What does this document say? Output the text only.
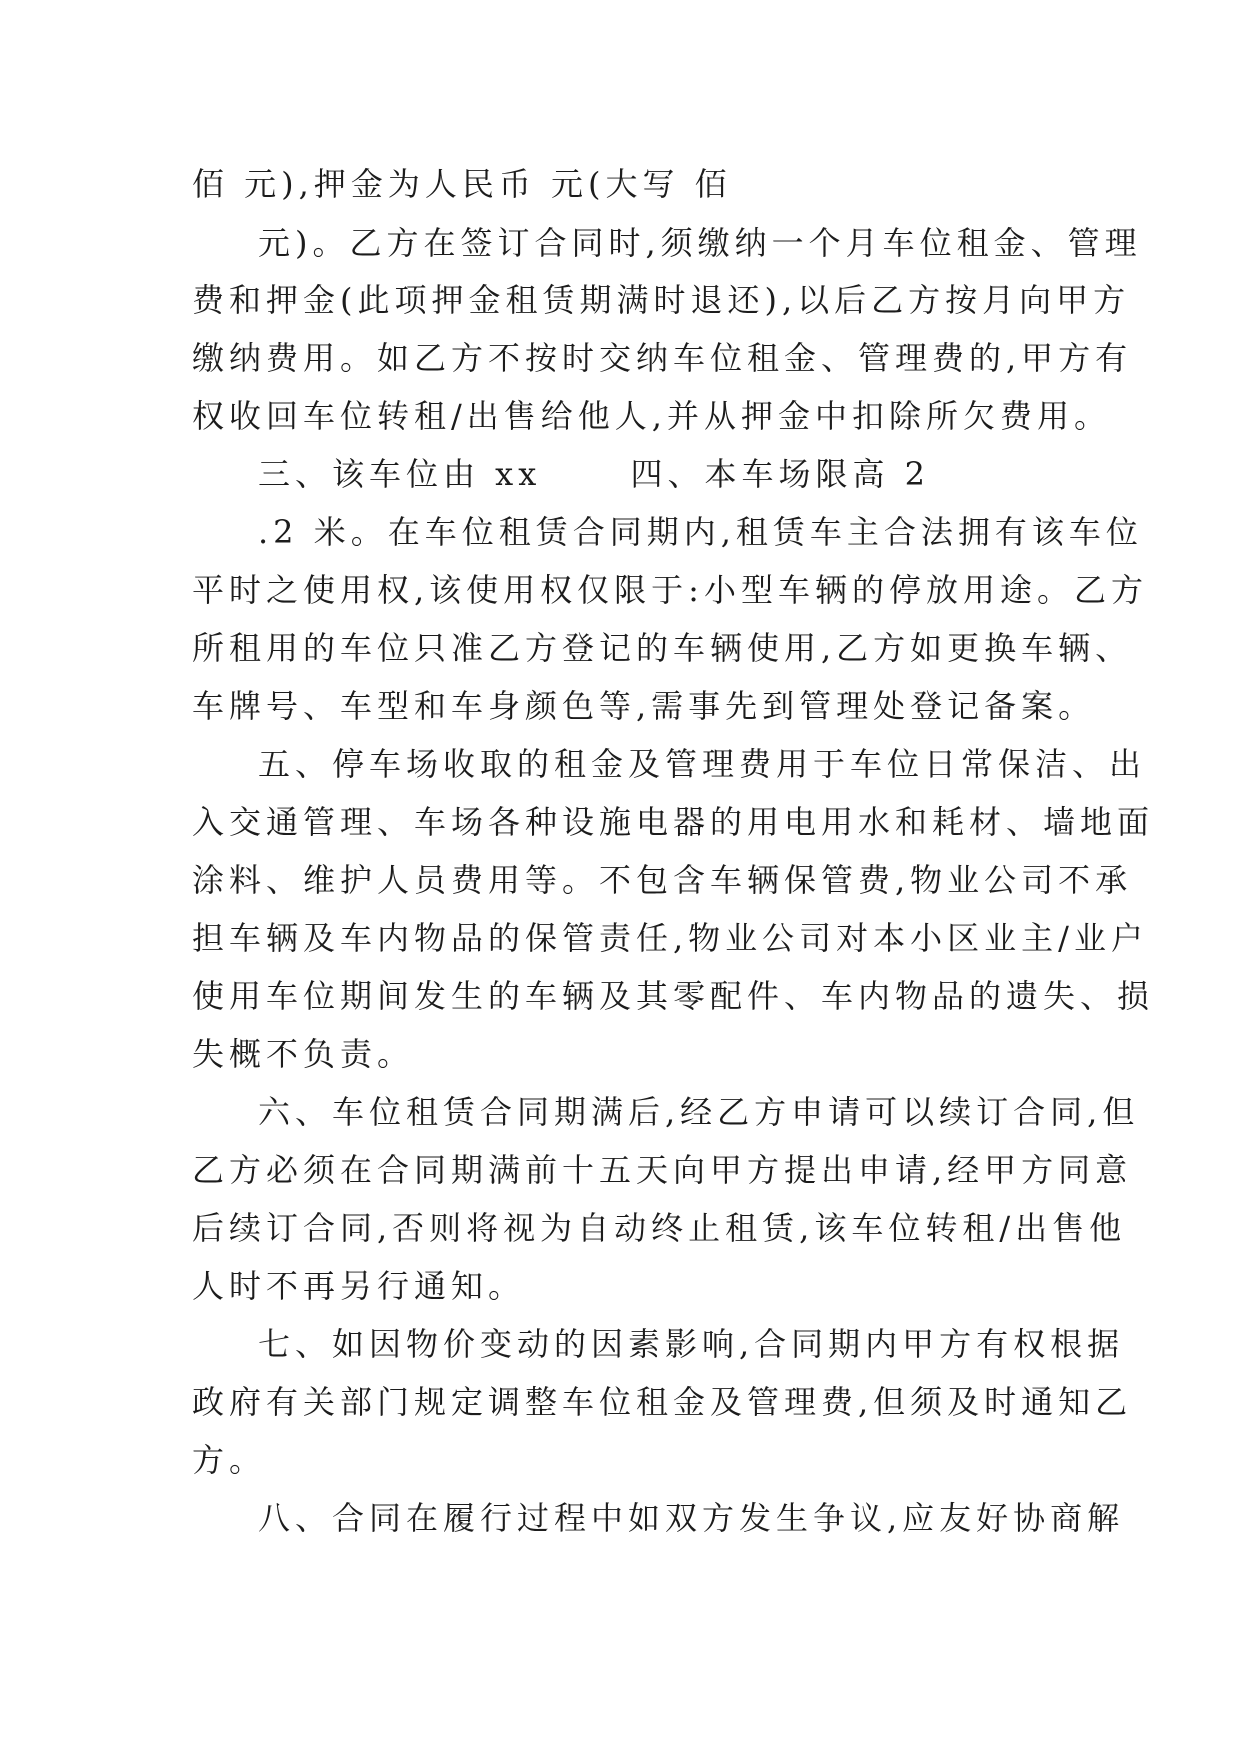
佰 元),押金为人民币 元(大写 佰

元)。乙方在签订合同时,须缴纳一个月车位租金、管理

费和押金(此项押金租赁期满时退还),以后乙方按月向甲方

缴纳费用。如乙方不按时交纳车位租金、管理费的,甲方有

权收回车位转租/出售给他人,并从押金中扣除所欠费用。

三、该车位由 xx 　　四、本车场限高 2

.2 米。在车位租赁合同期内,租赁车主合法拥有该车位

平时之使用权,该使用权仅限于:小型车辆的停放用途。乙方

所租用的车位只准乙方登记的车辆使用,乙方如更换车辆、

车牌号、车型和车身颜色等,需事先到管理处登记备案。

五、停车场收取的租金及管理费用于车位日常保洁、出

入交通管理、车场各种设施电器的用电用水和耗材、墙地面

涂料、维护人员费用等。不包含车辆保管费,物业公司不承

担车辆及车内物品的保管责任,物业公司对本小区业主/业户

使用车位期间发生的车辆及其零配件、车内物品的遗失、损

失概不负责。

六、车位租赁合同期满后,经乙方申请可以续订合同,但

乙方必须在合同期满前十五天向甲方提出申请,经甲方同意

后续订合同,否则将视为自动终止租赁,该车位转租/出售他

人时不再另行通知。

七、如因物价变动的因素影响,合同期内甲方有权根据

政府有关部门规定调整车位租金及管理费,但须及时通知乙

方。

八、合同在履行过程中如双方发生争议,应友好协商解
